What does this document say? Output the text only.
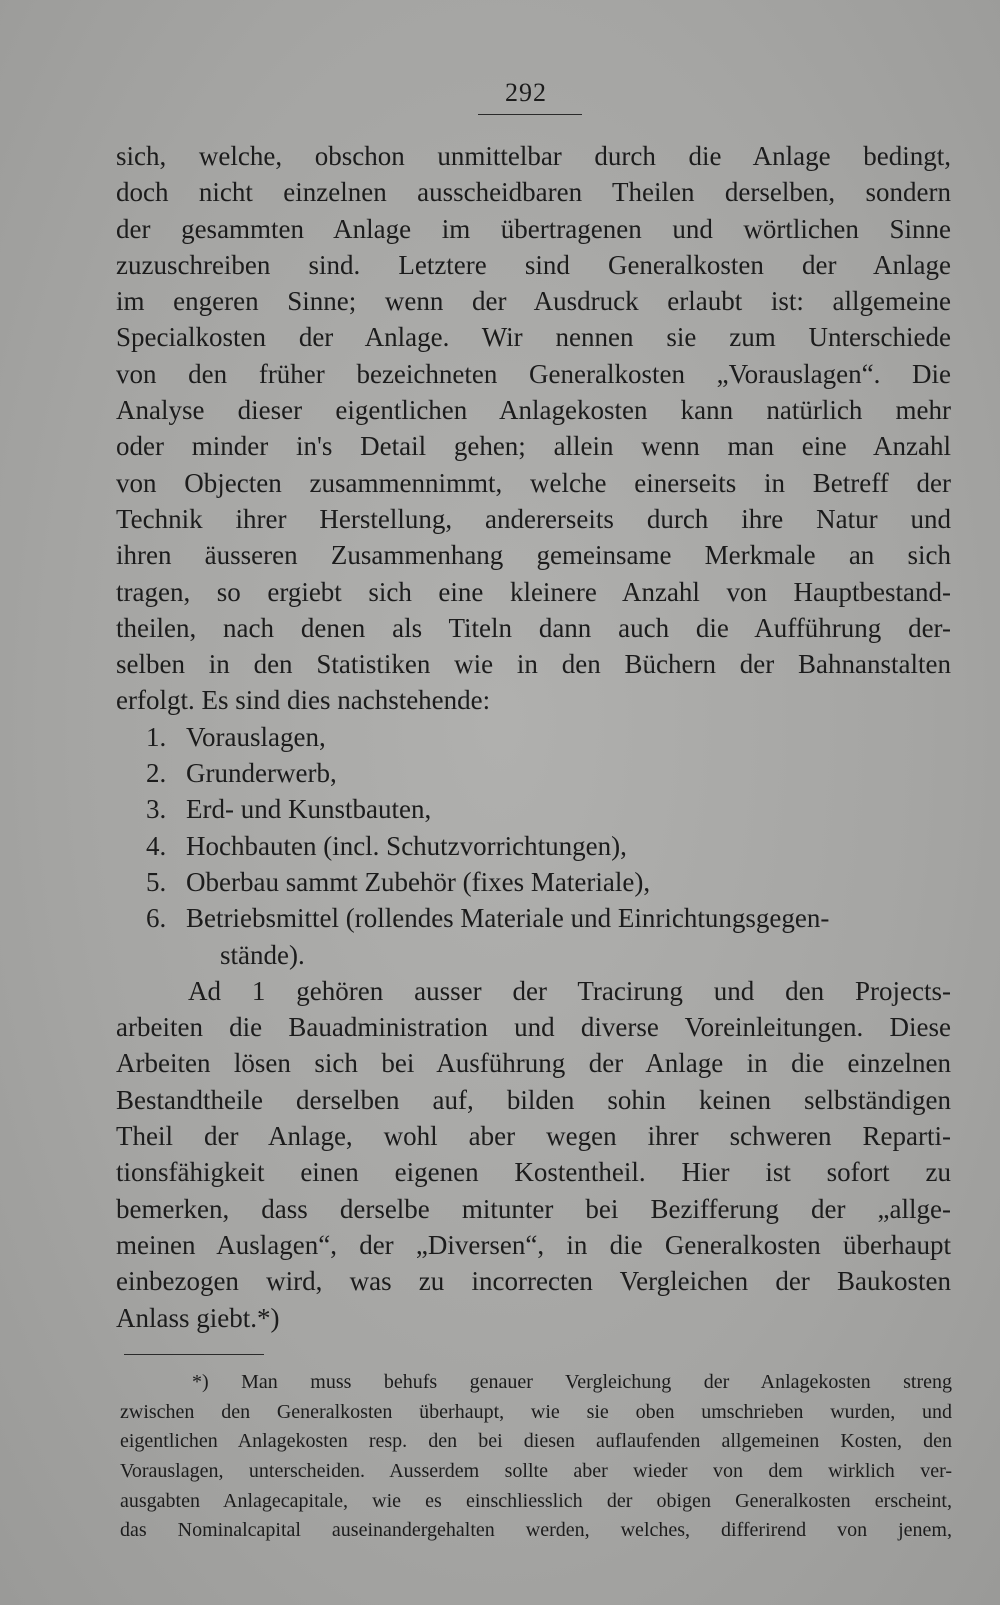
292
sich, welche, obschon unmittelbar durch die Anlage bedingt,
doch nicht einzelnen ausscheidbaren Theilen derselben, sondern
der gesammten Anlage im übertragenen und wörtlichen Sinne
zuzuschreiben sind. Letztere sind Generalkosten der Anlage
im engeren Sinne; wenn der Ausdruck erlaubt ist: allgemeine
Specialkosten der Anlage. Wir nennen sie zum Unterschiede
von den früher bezeichneten Generalkosten „Vorauslagen“. Die
Analyse dieser eigentlichen Anlagekosten kann natürlich mehr
oder minder in's Detail gehen; allein wenn man eine Anzahl
von Objecten zusammennimmt, welche einerseits in Betreff der
Technik ihrer Herstellung, andererseits durch ihre Natur und
ihren äusseren Zusammenhang gemeinsame Merkmale an sich
tragen, so ergiebt sich eine kleinere Anzahl von Hauptbestand-
theilen, nach denen als Titeln dann auch die Aufführung der-
selben in den Statistiken wie in den Büchern der Bahnanstalten
erfolgt. Es sind dies nachstehende:
1. Vorauslagen,
2. Grunderwerb,
3. Erd- und Kunstbauten,
4. Hochbauten (incl. Schutzvorrichtungen),
5. Oberbau sammt Zubehör (fixes Materiale),
6. Betriebsmittel (rollendes Materiale und Einrichtungsgegen-
stände).
Ad 1 gehören ausser der Tracirung und den Projects-
arbeiten die Bauadministration und diverse Voreinleitungen. Diese
Arbeiten lösen sich bei Ausführung der Anlage in die einzelnen
Bestandtheile derselben auf, bilden sohin keinen selbständigen
Theil der Anlage, wohl aber wegen ihrer schweren Reparti-
tionsfähigkeit einen eigenen Kostentheil. Hier ist sofort zu
bemerken, dass derselbe mitunter bei Bezifferung der „allge-
meinen Auslagen“, der „Diversen“, in die Generalkosten überhaupt
einbezogen wird, was zu incorrecten Vergleichen der Baukosten
Anlass giebt.*)
*) Man muss behufs genauer Vergleichung der Anlagekosten streng
zwischen den Generalkosten überhaupt, wie sie oben umschrieben wurden, und
eigentlichen Anlagekosten resp. den bei diesen auflaufenden allgemeinen Kosten, den
Vorauslagen, unterscheiden. Ausserdem sollte aber wieder von dem wirklich ver-
ausgabten Anlagecapitale, wie es einschliesslich der obigen Generalkosten erscheint,
das Nominalcapital auseinandergehalten werden, welches, differirend von jenem,
